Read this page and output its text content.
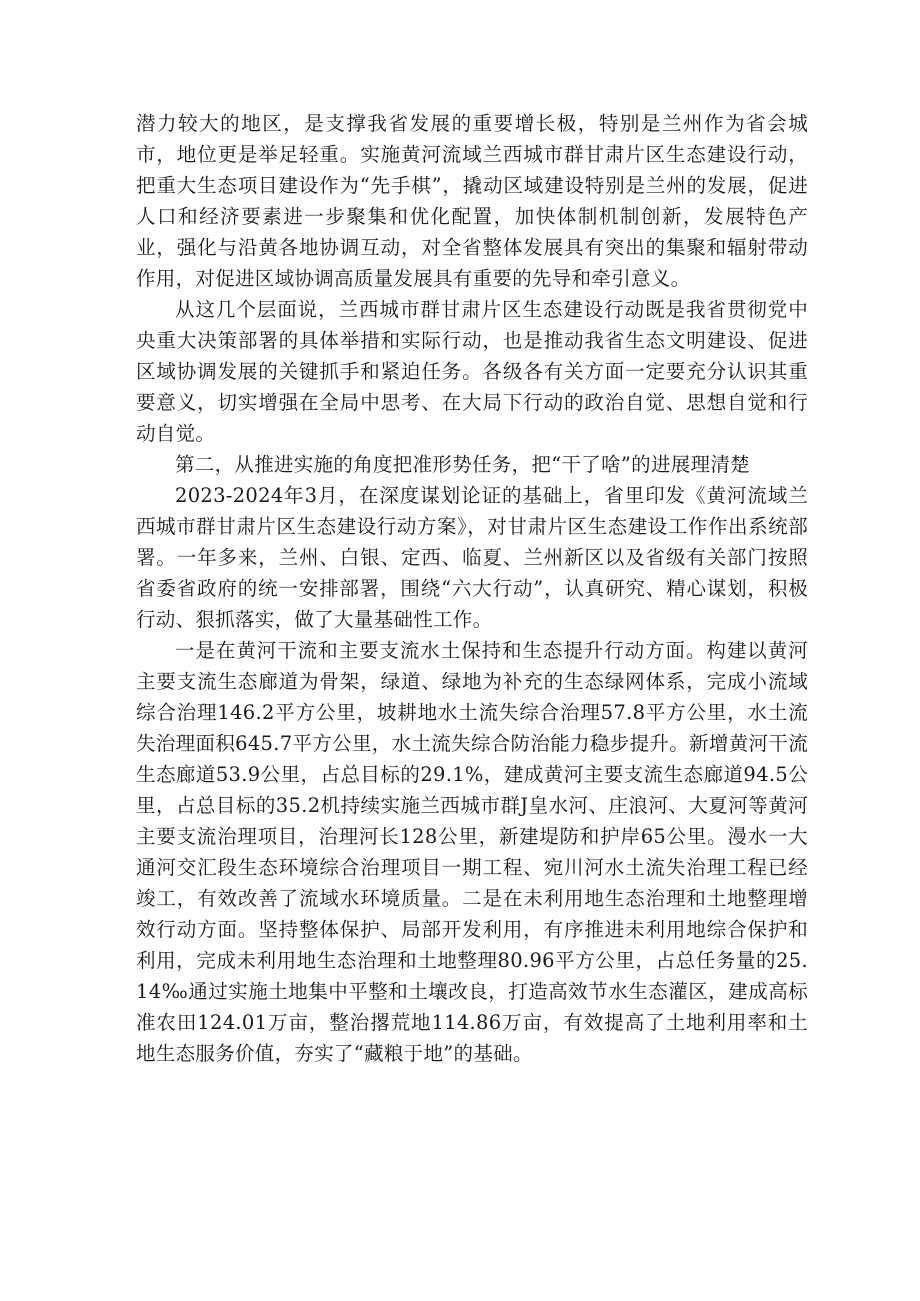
潜力较大的地区，是支撑我省发展的重要增长极，特别是兰州作为省会城市，地位更是举足轻重。实施黄河流域兰西城市群甘肃片区生态建设行动，把重大生态项目建设作为“先手棋”，撬动区域建设特别是兰州的发展，促进人口和经济要素进一步聚集和优化配置，加快体制机制创新，发展特色产业，强化与沿黄各地协调互动，对全省整体发展具有突出的集聚和辐射带动作用，对促进区域协调高质量发展具有重要的先导和牵引意义。

从这几个层面说，兰西城市群甘肃片区生态建设行动既是我省贯彻党中央重大决策部署的具体举措和实际行动，也是推动我省生态文明建设、促进区域协调发展的关键抓手和紧迫任务。各级各有关方面一定要充分认识其重要意义，切实增强在全局中思考、在大局下行动的政治自觉、思想自觉和行动自觉。

第二，从推进实施的角度把准形势任务，把“干了啥”的进展理清楚

2023-2024年3月，在深度谋划论证的基础上，省里印发《黄河流域兰西城市群甘肃片区生态建设行动方案》，对甘肃片区生态建设工作作出系统部署。一年多来，兰州、白银、定西、临夏、兰州新区以及省级有关部门按照省委省政府的统一安排部署，围绕“六大行动”，认真研究、精心谋划，积极行动、狠抓落实，做了大量基础性工作。

一是在黄河干流和主要支流水土保持和生态提升行动方面。构建以黄河主要支流生态廊道为骨架，绿道、绿地为补充的生态绿网体系，完成小流域综合治理146.2平方公里，坡耕地水土流失综合治理57.8平方公里，水土流失治理面积645.7平方公里，水土流失综合防治能力稳步提升。新增黄河干流生态廊道53.9公里，占总目标的29.1%，建成黄河主要支流生态廊道94.5公里，占总目标的35.2机持续实施兰西城市群J皇水河、庄浪河、大夏河等黄河主要支流治理项目，治理河长128公里，新建堤防和护岸65公里。漫水一大通河交汇段生态环境综合治理项目一期工程、宛川河水土流失治理工程已经竣工，有效改善了流域水环境质量。二是在未利用地生态治理和土地整理增效行动方面。坚持整体保护、局部开发利用，有序推进未利用地综合保护和利用，完成未利用地生态治理和土地整理80.96平方公里，占总任务量的25.14‰通过实施土地集中平整和土壤改良，打造高效节水生态灌区，建成高标准农田124.01万亩，整治撂荒地114.86万亩，有效提高了土地利用率和土地生态服务价值，夯实了“藏粮于地”的基础。
